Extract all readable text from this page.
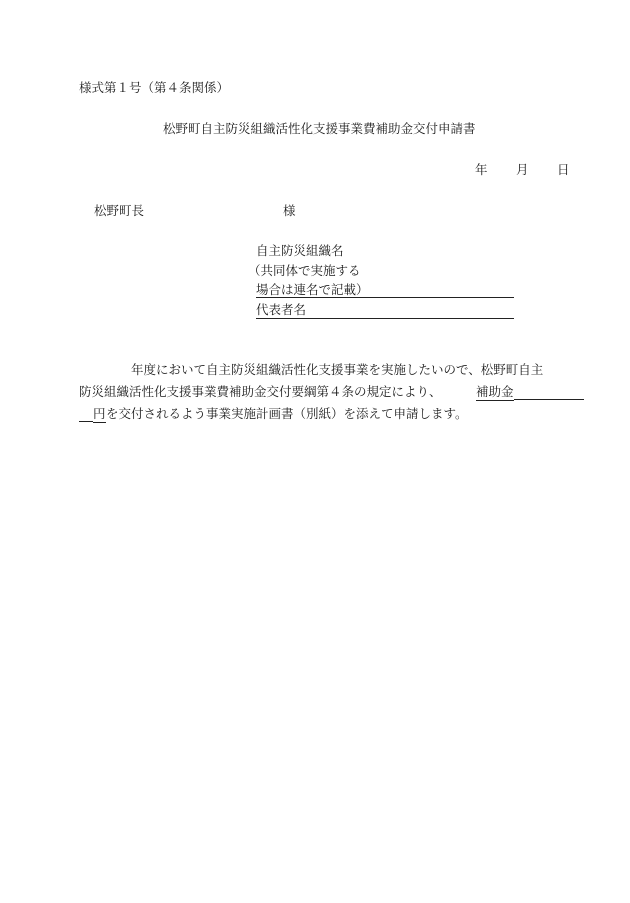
様式第１号（第４条関係）
松野町自主防災組織活性化支援事業費補助金交付申請書
年 月 日
松野町長	様
自主防災組織名
（共同体で実施する
場合は連名で記載）
代表者名
年度において自主防災組織活性化支援事業を実施したいので、松野町自主
防災組織活性化支援事業費補助金交付要綱第４条の規定により、	補助金
円 を交付されるよう事業実施計画書（別紙）を添えて申請します。
